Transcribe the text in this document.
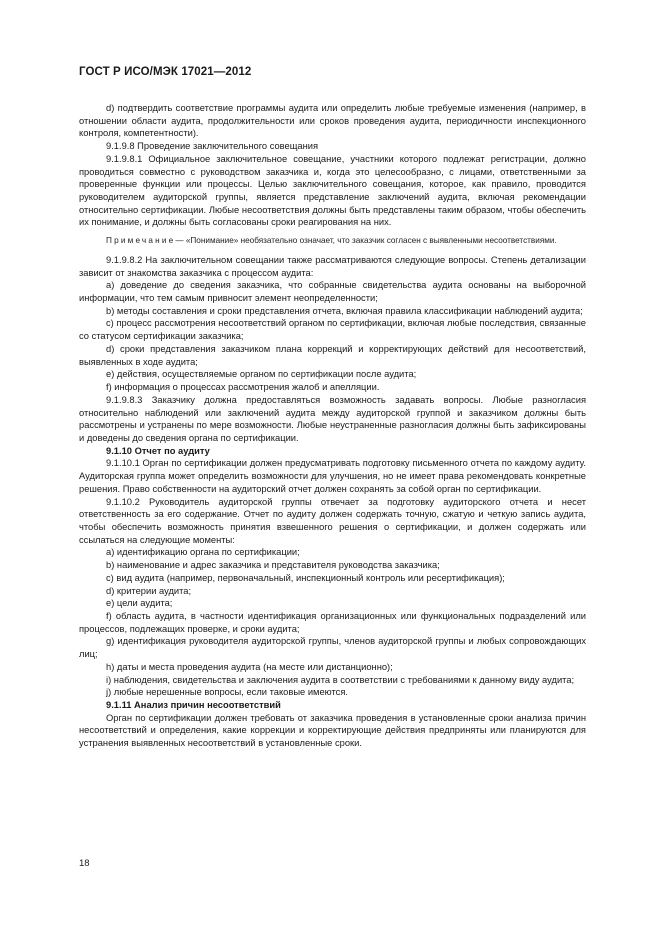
ГОСТ Р ИСО/МЭК 17021—2012

d) подтвердить соответствие программы аудита или определить любые требуемые изменения (например, в отношении области аудита, продолжительности или сроков проведения аудита, периодичности инспекционного контроля, компетентности).

9.1.9.8 Проведение заключительного совещания

9.1.9.8.1 Официальное заключительное совещание, участники которого подлежат регистрации, должно проводиться совместно с руководством заказчика и, когда это целесообразно, с лицами, ответственными за проверенные функции или процессы. Целью заключительного совещания, которое, как правило, проводится руководителем аудиторской группы, является представление заключений аудита, включая рекомендации относительно сертификации. Любые несоответствия должны быть представлены таким образом, чтобы обеспечить их понимание, и должны быть согласованы сроки реагирования на них.

Примечание— «Понимание» необязательно означает, что заказчик согласен с выявленными несоответствиями.

9.1.9.8.2 На заключительном совещании также рассматриваются следующие вопросы. Степень детализации зависит от знакомства заказчика с процессом аудита:

а) доведение до сведения заказчика, что собранные свидетельства аудита основаны на выборочной информации, что тем самым привносит элемент неопределенности;

b) методы составления и сроки представления отчета, включая правила классификации наблюдений аудита;

c) процесс рассмотрения несоответствий органом по сертификации, включая любые последствия, связанные со статусом сертификации заказчика;

d) сроки представления заказчиком плана коррекций и корректирующих действий для несоответствий, выявленных в ходе аудита;

e) действия, осуществляемые органом по сертификации после аудита;

f) информация о процессах рассмотрения жалоб и апелляции.

9.1.9.8.3 Заказчику должна предоставляться возможность задавать вопросы. Любые разногласия относительно наблюдений или заключений аудита между аудиторской группой и заказчиком должны быть рассмотрены и устранены по мере возможности. Любые неустраненные разногласия должны быть зафиксированы и доведены до сведения органа по сертификации.

9.1.10 Отчет по аудиту

9.1.10.1 Орган по сертификации должен предусматривать подготовку письменного отчета по каждому аудиту. Аудиторская группа может определить возможности для улучшения, но не имеет права рекомендовать конкретные решения. Право собственности на аудиторский отчет должен сохранять за собой орган по сертификации.

9.1.10.2 Руководитель аудиторской группы отвечает за подготовку аудиторского отчета и несет ответственность за его содержание. Отчет по аудиту должен содержать точную, сжатую и четкую запись аудита, чтобы обеспечить возможность принятия взвешенного решения о сертификации, и должен содержать или ссылаться на следующие моменты:

а) идентификацию органа по сертификации;

b) наименование и адрес заказчика и представителя руководства заказчика;

c) вид аудита (например, первоначальный, инспекционный контроль или ресертификация);

d) критерии аудита;

e) цели аудита;

f) область аудита, в частности идентификация организационных или функциональных подразделений или процессов, подлежащих проверке, и сроки аудита;

g) идентификация руководителя аудиторской группы, членов аудиторской группы и любых сопровождающих лиц;

h) даты и места проведения аудита (на месте или дистанционно);

i) наблюдения, свидетельства и заключения аудита в соответствии с требованиями к данному виду аудита;

j) любые нерешенные вопросы, если таковые имеются.

9.1.11 Анализ причин несоответствий

Орган по сертификации должен требовать от заказчика проведения в установленные сроки анализа причин несоответствий и определения, какие коррекции и корректирующие действия предприняты или планируются для устранения выявленных несоответствий в установленные сроки.

18
